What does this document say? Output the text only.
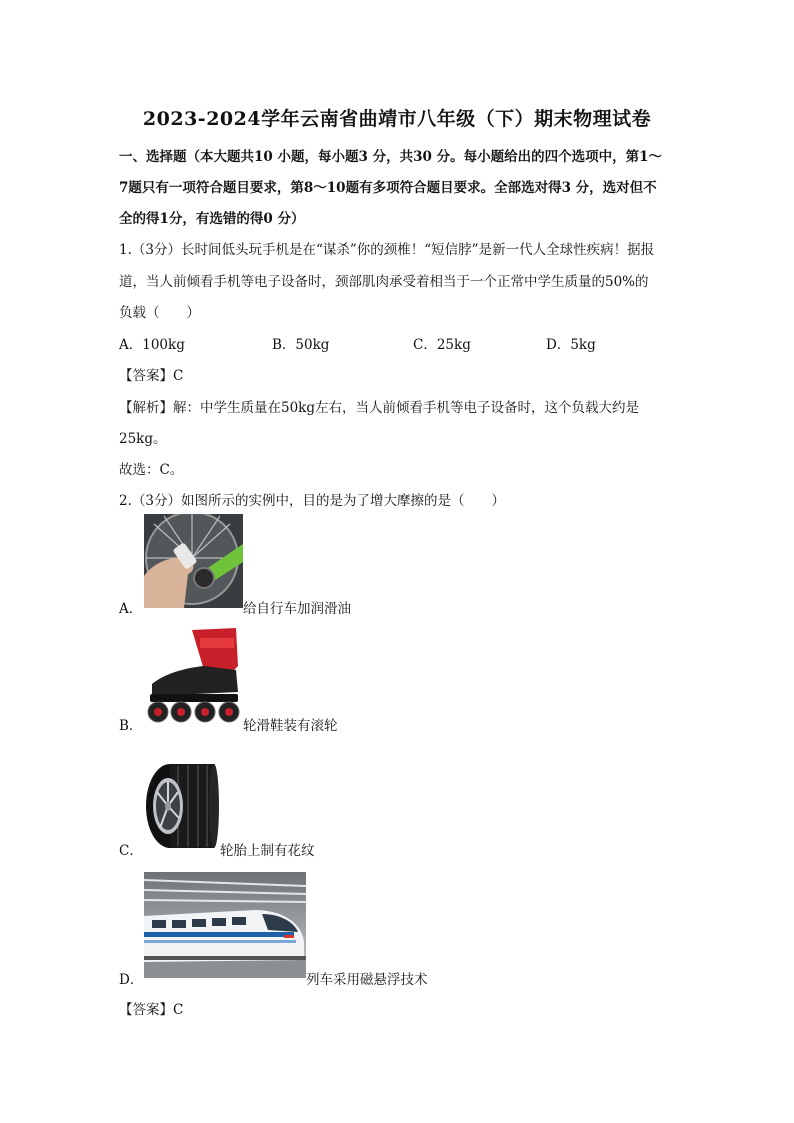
2023-2024学年云南省曲靖市八年级（下）期末物理试卷
一、选择题（本大题共10 小题，每小题3 分，共30 分。每小题给出的四个选项中，第1～
7题只有一项符合题目要求，第8～10题有多项符合题目要求。全部选对得3 分，选对但不
全的得1分，有选错的得0 分）
1.（3分）长时间低头玩手机是在“谋杀”你的颈椎！“短信脖”是新一代人全球性疾病！据报
道，当人前倾看手机等电子设备时，颈部肌肉承受着相当于一个正常中学生质量的50%的
负载（　　）
A．100kg	B．50kg	C．25kg	D．5kg
【答案】C
【解析】解：中学生质量在50kg左右，当人前倾看手机等电子设备时，这个负载大约是
25kg。
故选：C。
2.（3分）如图所示的实例中，目的是为了增大摩擦的是（　　）
A．	给自行车加润滑油
B．	轮滑鞋装有滚轮
C．	轮胎上制有花纹
D．	列车采用磁悬浮技术
【答案】C
